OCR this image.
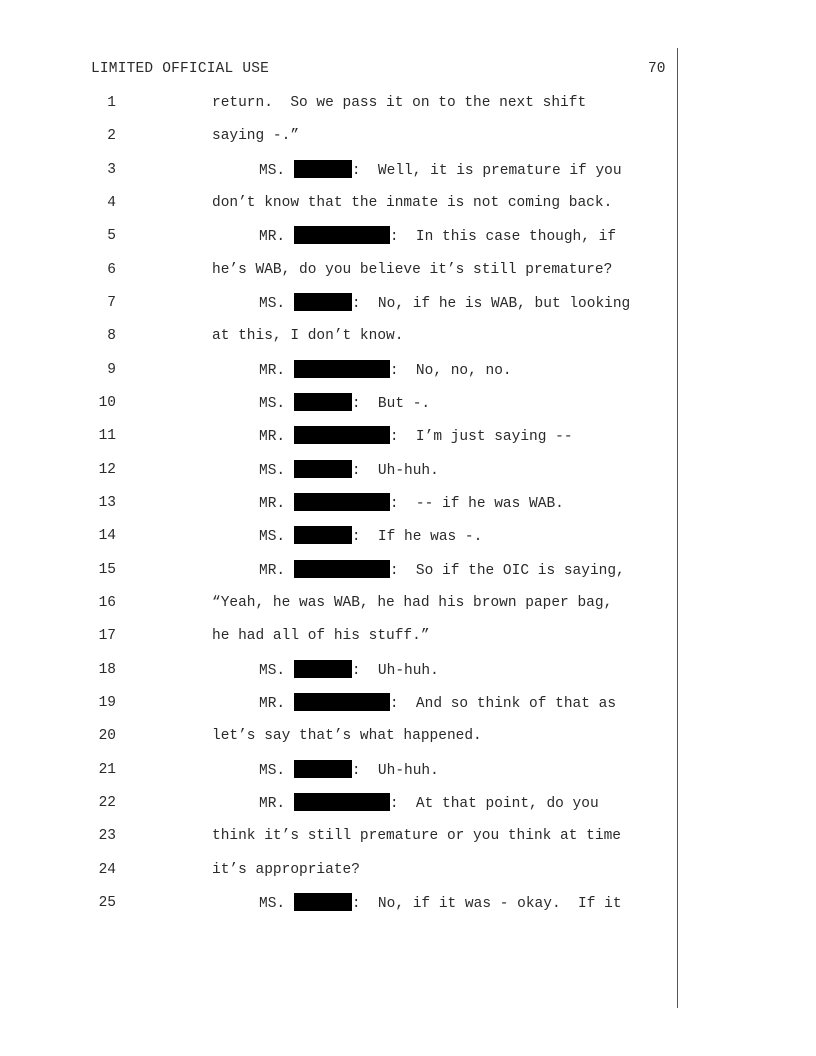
LIMITED OFFICIAL USE	70
1	return.  So we pass it on to the next shift
2	saying -.”
3	MS.	:  Well, it is premature if you
4	don’t know that the inmate is not coming back.
5	MR.	:  In this case though, if
6	he’s WAB, do you believe it’s still premature?
7	MS.	:  No, if he is WAB, but looking
8	at this, I don’t know.
9	MR.	:  No, no, no.
10	MS.	:  But -.
11	MR.	:  I’m just saying --
12	MS.	:  Uh-huh.
13	MR.	:  -- if he was WAB.
14	MS.	:  If he was -.
15	MR.	:  So if the OIC is saying,
16	“Yeah, he was WAB, he had his brown paper bag,
17	he had all of his stuff.”
18	MS.	:  Uh-huh.
19	MR.	:  And so think of that as
20	let’s say that’s what happened.
21	MS.	:  Uh-huh.
22	MR.	:  At that point, do you
23	think it’s still premature or you think at time
24	it’s appropriate?
25	MS.	:  No, if it was - okay.  If it
